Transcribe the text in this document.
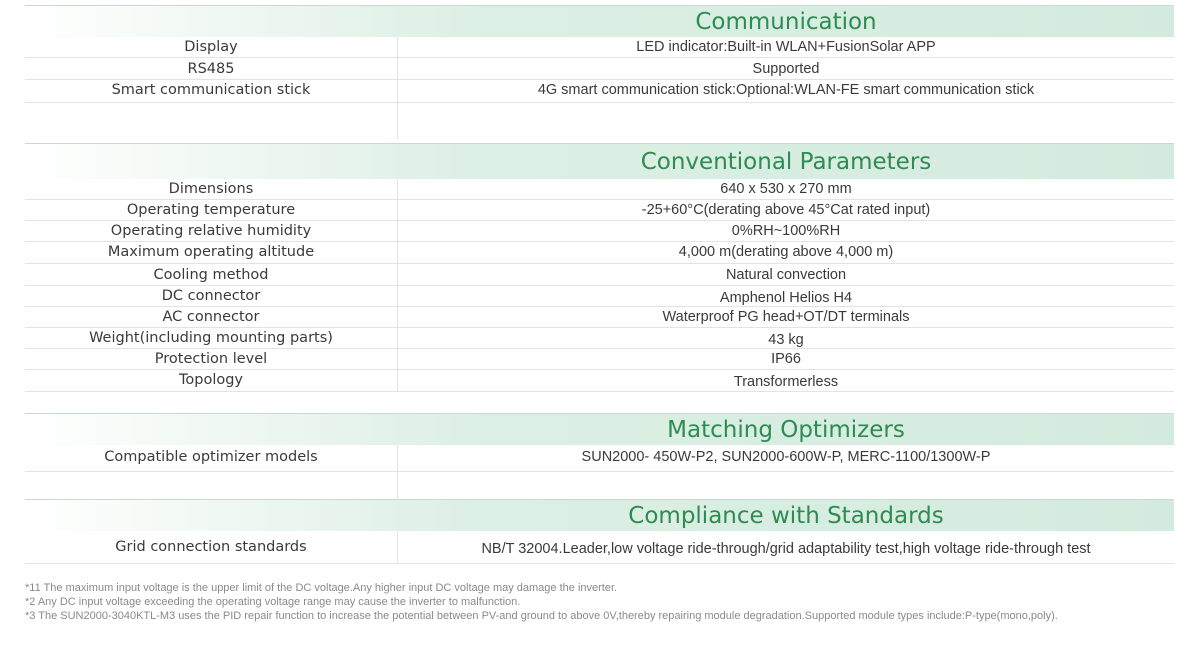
Communication
Display	LED indicator:Built-in WLAN+FusionSolar APP
RS485	Supported
Smart communication stick	4G smart communication stick:Optional:WLAN-FE smart communication stick
Conventional Parameters
Dimensions	640 x 530 x 270 mm
Operating temperature	-25+60°C(derating above 45°Cat rated input)
Operating relative humidity	0%RH~100%RH
Maximum operating altitude	4,000 m(derating above 4,000 m)
Cooling method	Natural convection
DC connector	Amphenol Helios H4
AC connector	Waterproof PG head+OT/DT terminals
Weight(including mounting parts)	43 kg
Protection level	IP66
Topology	Transformerless
Matching Optimizers
Compatible optimizer models	SUN2000- 450W-P2, SUN2000-600W-P, MERC-1100/1300W-P
Compliance with Standards
Grid connection standards	NB/T 32004.Leader,low voltage ride-through/grid adaptability test,high voltage ride-through test
*11 The maximum input voltage is the upper limit of the DC voltage.Any higher input DC voltage may damage the inverter.
*2 Any DC input voltage exceeding the operating voltage range may cause the inverter to malfunction.
*3 The SUN2000-3040KTL-M3 uses the PID repair function to increase the potential between PV-and ground to above 0V,thereby repairing module degradation.Supported module types include:P-type(mono,poly).
